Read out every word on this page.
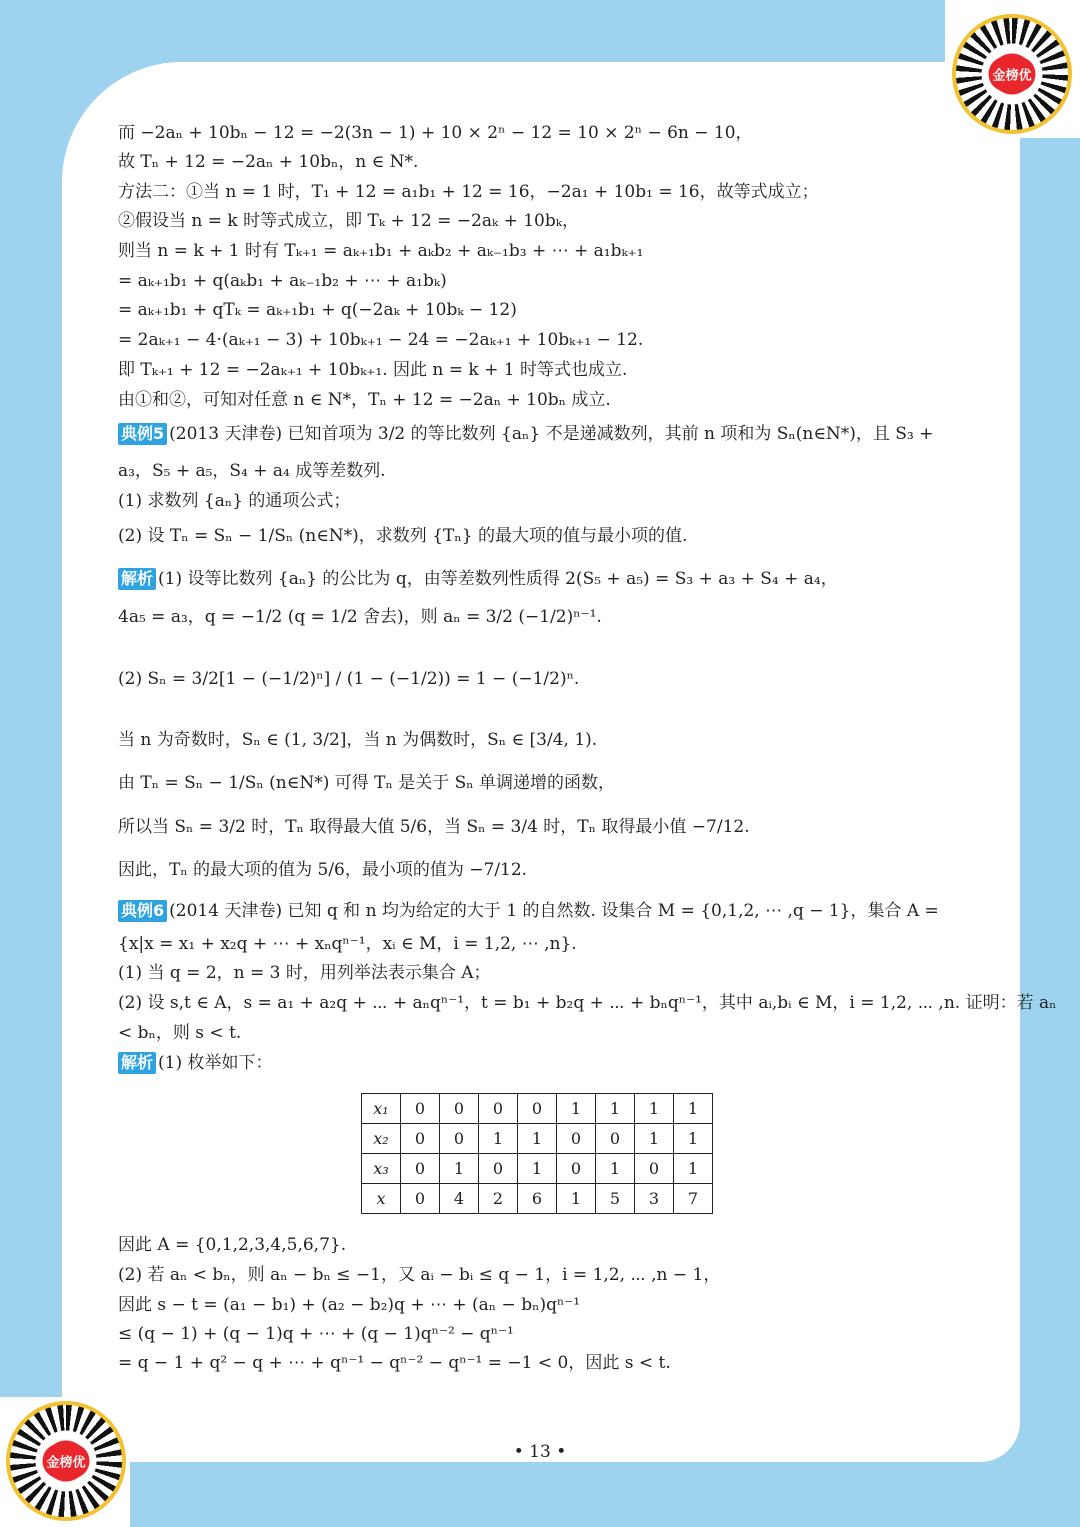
金榜优
金榜优
而 −2aₙ + 10bₙ − 12 = −2(3n − 1) + 10 × 2ⁿ − 12 = 10 × 2ⁿ − 6n − 10，
故 Tₙ + 12 = −2aₙ + 10bₙ，n ∈ N*.
方法二：①当 n = 1 时，T₁ + 12 = a₁b₁ + 12 = 16，−2a₁ + 10b₁ = 16，故等式成立；
②假设当 n = k 时等式成立，即 Tₖ + 12 = −2aₖ + 10bₖ，
则当 n = k + 1 时有 Tₖ₊₁ = aₖ₊₁b₁ + aₖb₂ + aₖ₋₁b₃ + ⋯ + a₁bₖ₊₁
= aₖ₊₁b₁ + q(aₖb₁ + aₖ₋₁b₂ + ⋯ + a₁bₖ)
= aₖ₊₁b₁ + qTₖ = aₖ₊₁b₁ + q(−2aₖ + 10bₖ − 12)
= 2aₖ₊₁ − 4·(aₖ₊₁ − 3) + 10bₖ₊₁ − 24 = −2aₖ₊₁ + 10bₖ₊₁ − 12.
即 Tₖ₊₁ + 12 = −2aₖ₊₁ + 10bₖ₊₁. 因此 n = k + 1 时等式也成立.
由①和②，可知对任意 n ∈ N*，Tₙ + 12 = −2aₙ + 10bₙ 成立.
典例5 (2013 天津卷) 已知首项为 3/2 的等比数列 {aₙ} 不是递减数列，其前 n 项和为 Sₙ(n∈N*)，且 S₃ +
a₃，S₅ + a₅，S₄ + a₄ 成等差数列.
(1) 求数列 {aₙ} 的通项公式；
(2) 设 Tₙ = Sₙ − 1/Sₙ (n∈N*)，求数列 {Tₙ} 的最大项的值与最小项的值.
解析 (1) 设等比数列 {aₙ} 的公比为 q，由等差数列性质得 2(S₅ + a₅) = S₃ + a₃ + S₄ + a₄，
4a₅ = a₃，q = −1/2 (q = 1/2 舍去)，则 aₙ = 3/2 (−1/2)ⁿ⁻¹.
(2) Sₙ = 3/2[1 − (−1/2)ⁿ] / (1 − (−1/2)) = 1 − (−1/2)ⁿ.
当 n 为奇数时，Sₙ ∈ (1, 3/2]，当 n 为偶数时，Sₙ ∈ [3/4, 1).
由 Tₙ = Sₙ − 1/Sₙ (n∈N*) 可得 Tₙ 是关于 Sₙ 单调递增的函数，
所以当 Sₙ = 3/2 时，Tₙ 取得最大值 5/6，当 Sₙ = 3/4 时，Tₙ 取得最小值 −7/12.
因此，Tₙ 的最大项的值为 5/6，最小项的值为 −7/12.
典例6 (2014 天津卷) 已知 q 和 n 均为给定的大于 1 的自然数. 设集合 M = {0,1,2, ⋯ ,q − 1}，集合 A =
{x|x = x₁ + x₂q + ⋯ + xₙqⁿ⁻¹，xᵢ ∈ M，i = 1,2, ⋯ ,n}.
(1) 当 q = 2，n = 3 时，用列举法表示集合 A；
(2) 设 s,t ∈ A，s = a₁ + a₂q + ⋯ + aₙqⁿ⁻¹，t = b₁ + b₂q + ⋯ + bₙqⁿ⁻¹，其中 aᵢ,bᵢ ∈ M，i = 1,2, ⋯ ,n. 证明：若 aₙ
< bₙ，则 s < t.
解析 (1) 枚举如下：
x₁	0	0	0	0	1	1	1	1
x₂	0	0	1	1	0	0	1	1
x₃	0	1	0	1	0	1	0	1
x	0	4	2	6	1	5	3	7
因此 A = {0,1,2,3,4,5,6,7}.
(2) 若 aₙ < bₙ，则 aₙ − bₙ ≤ −1，又 aᵢ − bᵢ ≤ q − 1，i = 1,2, ⋯ ,n − 1，
因此 s − t = (a₁ − b₁) + (a₂ − b₂)q + ⋯ + (aₙ − bₙ)qⁿ⁻¹
≤ (q − 1) + (q − 1)q + ⋯ + (q − 1)qⁿ⁻² − qⁿ⁻¹
= q − 1 + q² − q + ⋯ + qⁿ⁻¹ − qⁿ⁻² − qⁿ⁻¹ = −1 < 0，因此 s < t.
• 13 •
